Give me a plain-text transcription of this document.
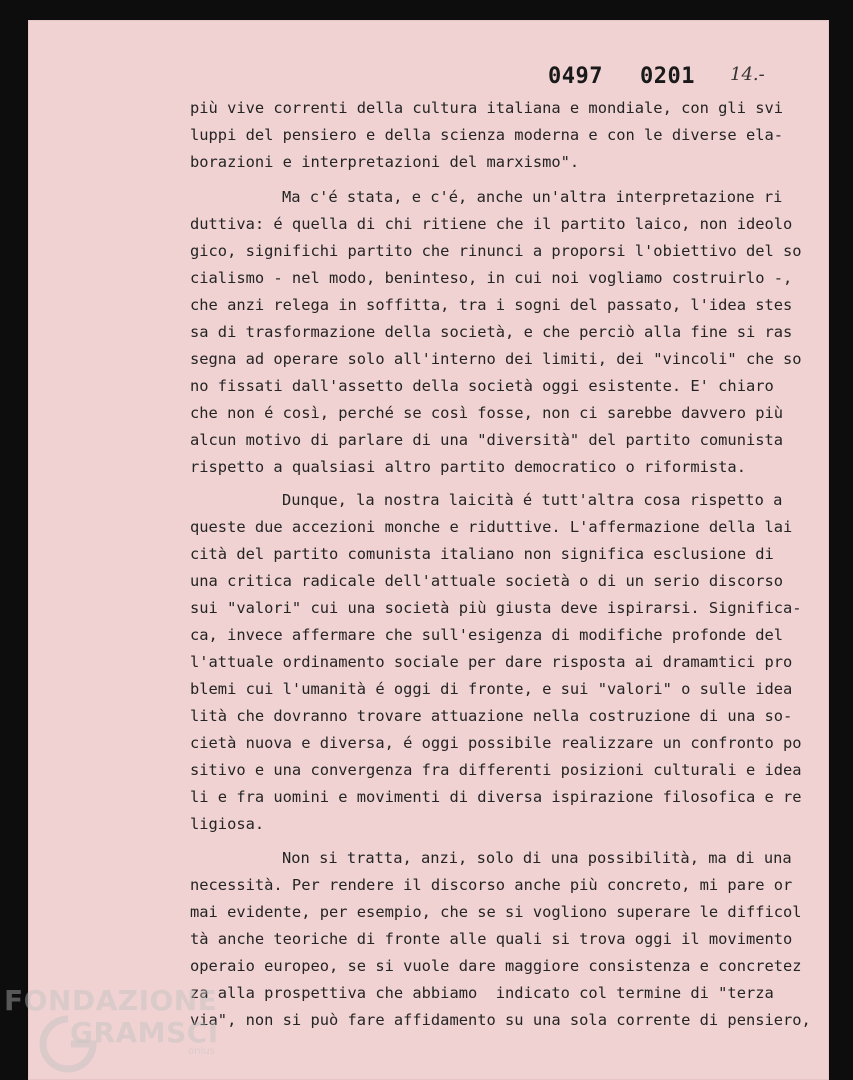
0497 0201 14.-
più vive correnti della cultura italiana e mondiale, con gli svi
luppi del pensiero e della scienza moderna e con le diverse ela-
borazioni e interpretazioni del marxismo".
Ma c'é stata, e c'é, anche un'altra interpretazione ri
duttiva: é quella di chi ritiene che il partito laico, non ideolo
gico, significhi partito che rinunci a proporsi l'obiettivo del so
cialismo - nel modo, beninteso, in cui noi vogliamo costruirlo -,
che anzi relega in soffitta, tra i sogni del passato, l'idea stes
sa di trasformazione della società, e che perciò alla fine si ras
segna ad operare solo all'interno dei limiti, dei "vincoli" che so
no fissati dall'assetto della società oggi esistente. E' chiaro
che non é così, perché se così fosse, non ci sarebbe davvero più
alcun motivo di parlare di una "diversità" del partito comunista
rispetto a qualsiasi altro partito democratico o riformista.
Dunque, la nostra laicità é tutt'altra cosa rispetto a
queste due accezioni monche e riduttive. L'affermazione della lai
cità del partito comunista italiano non significa esclusione di
una critica radicale dell'attuale società o di un serio discorso
sui "valori" cui una società più giusta deve ispirarsi. Significa-
ca, invece affermare che sull'esigenza di modifiche profonde del
l'attuale ordinamento sociale per dare risposta ai dramamtici pro
blemi cui l'umanità é oggi di fronte, e sui "valori" o sulle idea
lità che dovranno trovare attuazione nella costruzione di una so-
cietà nuova e diversa, é oggi possibile realizzare un confronto po
sitivo e una convergenza fra differenti posizioni culturali e idea
li e fra uomini e movimenti di diversa ispirazione filosofica e re
ligiosa.
Non si tratta, anzi, solo di una possibilità, ma di una
necessità. Per rendere il discorso anche più concreto, mi pare or
mai evidente, per esempio, che se si vogliono superare le difficol
tà anche teoriche di fronte alle quali si trova oggi il movimento
operaio europeo, se si vuole dare maggiore consistenza e concretez
za alla prospettiva che abbiamo  indicato col termine di "terza
via", non si può fare affidamento su una sola corrente di pensiero,
FONDAZIONE
GRAMSCI
onlus
